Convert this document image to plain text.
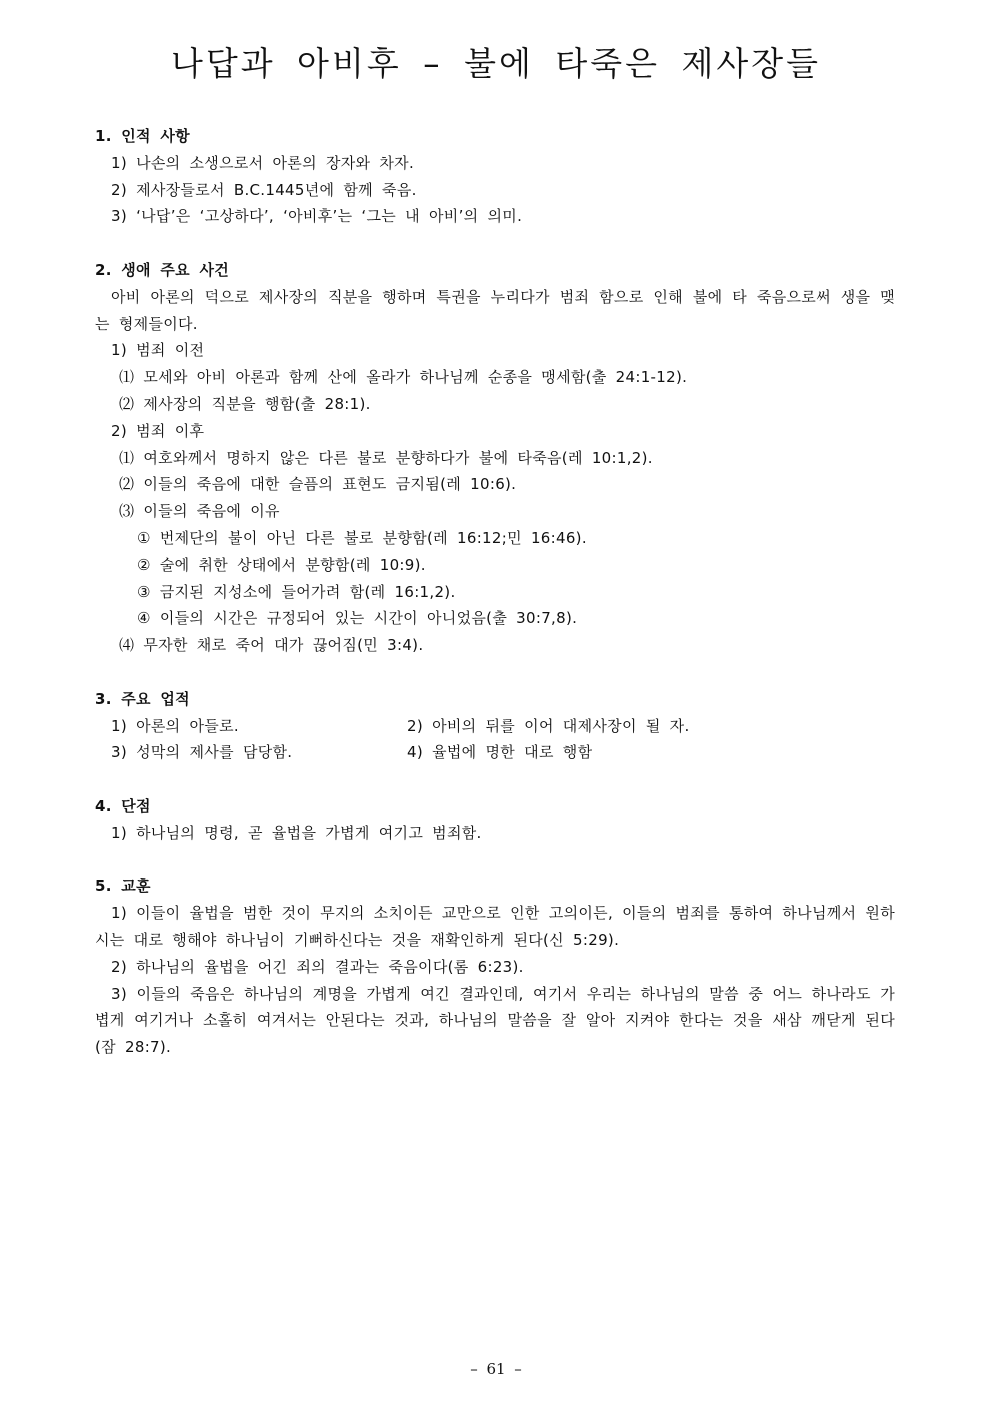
나답과 아비후 – 불에 타죽은 제사장들
1. 인적 사항
1) 나손의 소생으로서 아론의 장자와 차자.
2) 제사장들로서 B.C.1445년에 함께 죽음.
3) ‘나답’은 ‘고상하다’, ‘아비후’는 ‘그는 내 아비’의 의미.
2. 생애 주요 사건
아비 아론의 덕으로 제사장의 직분을 행하며 특권을 누리다가 범죄 함으로 인해 불에 타 죽음으로써 생을 맺는 형제들이다.
1) 범죄 이전
⑴ 모세와 아비 아론과 함께 산에 올라가 하나님께 순종을 맹세함(출 24:1-12).
⑵ 제사장의 직분을 행함(출 28:1).
2) 범죄 이후
⑴ 여호와께서 명하지 않은 다른 불로 분향하다가 불에 타죽음(레 10:1,2).
⑵ 이들의 죽음에 대한 슬픔의 표현도 금지됨(레 10:6).
⑶ 이들의 죽음에 이유
① 번제단의 불이 아닌 다른 불로 분향함(레 16:12;민 16:46).
② 술에 취한 상태에서 분향함(레 10:9).
③ 금지된 지성소에 들어가려 함(레 16:1,2).
④ 이들의 시간은 규정되어 있는 시간이 아니었음(출 30:7,8).
⑷ 무자한 채로 죽어 대가 끊어짐(민 3:4).
3. 주요 업적
1) 아론의 아들로.	2) 아비의 뒤를 이어 대제사장이 될 자.
3) 성막의 제사를 담당함.	4) 율법에 명한 대로 행함
4. 단점
1) 하나님의 명령, 곧 율법을 가볍게 여기고 범죄함.
5. 교훈
1) 이들이 율법을 범한 것이 무지의 소치이든 교만으로 인한 고의이든, 이들의 범죄를 통하여 하나님께서 원하시는 대로 행해야 하나님이 기뻐하신다는 것을 재확인하게 된다(신 5:29).
2) 하나님의 율법을 어긴 죄의 결과는 죽음이다(롬 6:23).
3) 이들의 죽음은 하나님의 계명을 가볍게 여긴 결과인데, 여기서 우리는 하나님의 말씀 중 어느 하나라도 가볍게 여기거나 소홀히 여겨서는 안된다는 것과, 하나님의 말씀을 잘 알아 지켜야 한다는 것을 새삼 깨닫게 된다(잠 28:7).
– 61 –
